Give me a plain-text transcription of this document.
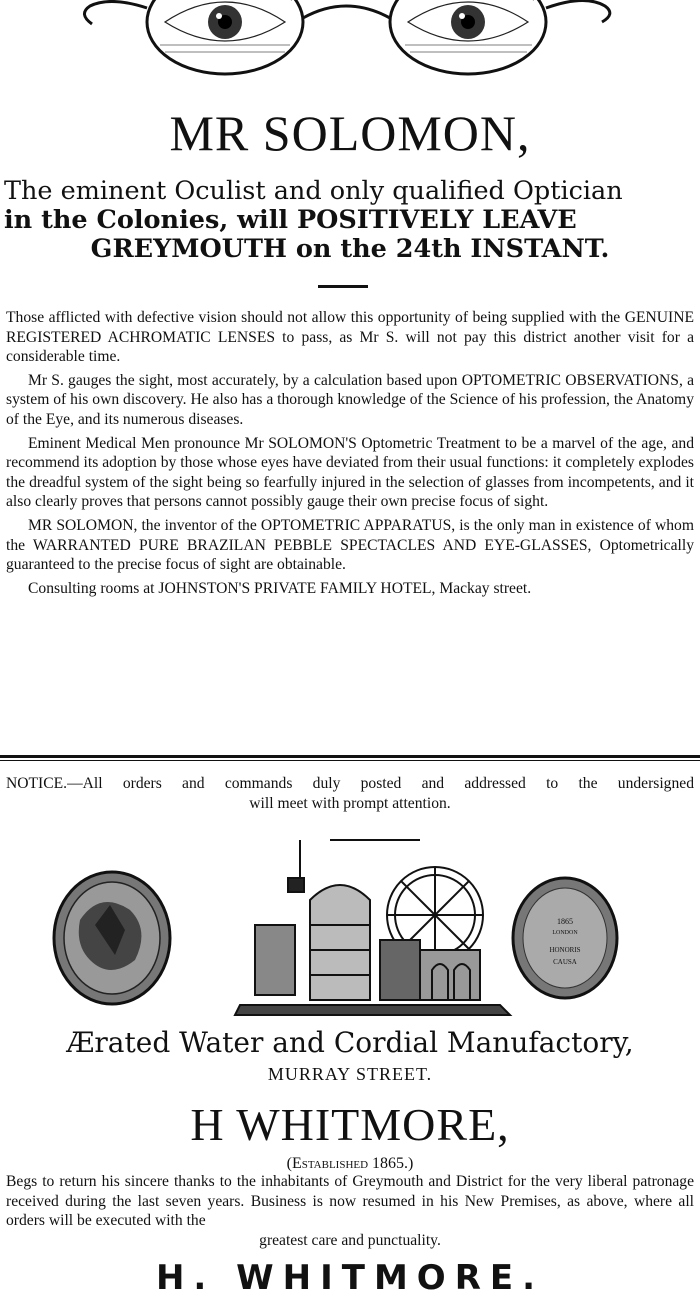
MR SOLOMON,
The eminent Oculist and only qualified Optician
in the Colonies, will POSITIVELY LEAVE
GREYMOUTH on the 24th INSTANT.

Those afflicted with defective vision should not allow this opportunity of being supplied with the GENUINE REGISTERED ACHROMATIC LENSES to pass, as Mr S. will not pay this district another visit for a considerable time.

Mr S. gauges the sight, most accurately, by a calculation based upon OPTOMETRIC OBSERVATIONS, a system of his own discovery. He also has a thorough knowledge of the Science of his profession, the Anatomy of the Eye, and its numerous diseases.

Eminent Medical Men pronounce Mr SOLOMON'S Optometric Treatment to be a marvel of the age, and recommend its adoption by those whose eyes have deviated from their usual functions: it completely explodes the dreadful system of the sight being so fearfully injured in the selection of glasses from incompetents, and it also clearly proves that persons cannot possibly gauge their own precise focus of sight.

MR SOLOMON, the inventor of the OPTOMETRIC APPARATUS, is the only man in existence of whom the WARRANTED PURE BRAZILAN PEBBLE SPECTACLES AND EYE-GLASSES, Optometrically guaranteed to the precise focus of sight are obtainable.

Consulting rooms at JOHNSTON'S PRIVATE FAMILY HOTEL, Mackay street.

NOTICE.—All orders and commands duly posted and addressed to the undersigned
will meet with prompt attention.
1865
LONDON
HONORIS
CAUSA
Ærated Water and Cordial Manufactory,
MURRAY STREET.
H WHITMORE,
(Established 1865.)
Begs to return his sincere thanks to the inhabitants of Greymouth and District for the very liberal patronage received during the last seven years. Business is now resumed in his New Premises, as above, where all orders will be executed with the
greatest care and punctuality.
H. WHITMORE.
